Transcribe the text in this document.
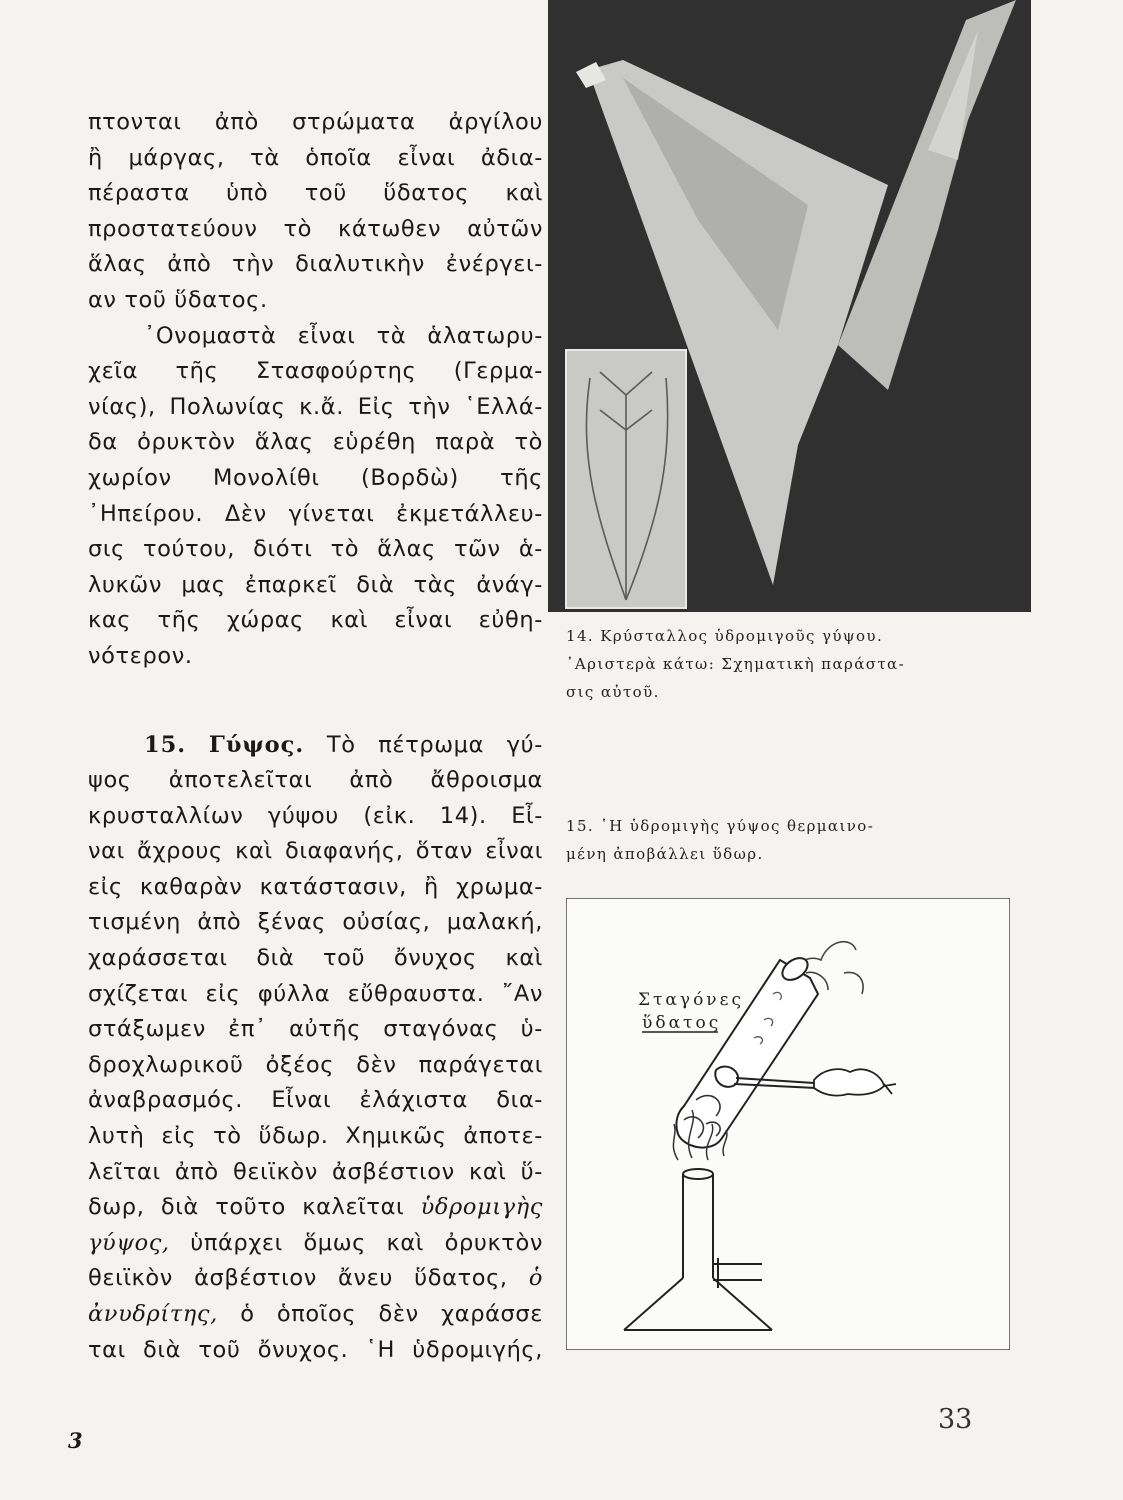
πτονται ἀπὸ στρώματα ἀργίλου
ἢ μάργας, τὰ ὁποῖα εἶναι ἀδια-
πέραστα ὑπὸ τοῦ ὕδατος καὶ
προστατεύουν τὸ κάτωθεν αὐτῶν
ἅλας ἀπὸ τὴν διαλυτικὴν ἐνέργει-
αν τοῦ ὕδατος.
᾿Ονομαστὰ εἶναι τὰ ἁλατωρυ-
χεῖα τῆς Στασφούρτης (Γερμα-
νίας), Πολωνίας κ.ἄ. Εἰς τὴν ῾Ελλά-
δα ὀρυκτὸν ἅλας εὑρέθη παρὰ τὸ
χωρίον Μονολίθι (Βορδὼ) τῆς
᾿Ηπείρου. Δὲν γίνεται ἐκμετάλλευ-
σις τούτου, διότι τὸ ἅλας τῶν ἁ-
λυκῶν μας ἐπαρκεῖ διὰ τὰς ἀνάγ-
κας τῆς χώρας καὶ εἶναι εὐθη-
νότερον.
15. Γύψος. Τὸ πέτρωμα γύ-
ψος ἀποτελεῖται ἀπὸ ἄθροισμα
κρυσταλλίων γύψου (εἰκ. 14). Εἶ-
ναι ἄχρους καὶ διαφανής, ὅταν εἶναι
εἰς καθαρὰν κατάστασιν, ἢ χρωμα-
τισμένη ἀπὸ ξένας οὐσίας, μαλακή,
χαράσσεται διὰ τοῦ ὄνυχος καὶ
σχίζεται εἰς φύλλα εὔθραυστα. ῎Αν
στάξωμεν ἐπ᾿ αὐτῆς σταγόνας ὑ-
δροχλωρικοῦ ὀξέος δὲν παράγεται
ἀναβρασμός. Εἶναι ἐλάχιστα δια-
λυτὴ εἰς τὸ ὕδωρ. Χημικῶς ἀποτε-
λεῖται ἀπὸ θειϊκὸν ἀσβέστιον καὶ ὕ-
δωρ, διὰ τοῦτο καλεῖται ὑδρομιγὴς
γύψος, ὑπάρχει ὅμως καὶ ὀρυκτὸν
θειϊκὸν ἀσβέστιον ἄνευ ὕδατος, ὁ
ἀνυδρίτης, ὁ ὁποῖος δὲν χαράσσε
ται διὰ τοῦ ὄνυχος. ῾Η ὑδρομιγής,
14. Κρύσταλλος ὑδρομιγοῦς γύψου.
᾿Αριστερὰ κάτω: Σχηματικὴ παράστα-
σις αὐτοῦ.
15. ῾Η ὑδρομιγὴς γύψος θερμαινο-
μένη ἀποβάλλει ὕδωρ.
Σταγόνες
ὕδατος
3
33
